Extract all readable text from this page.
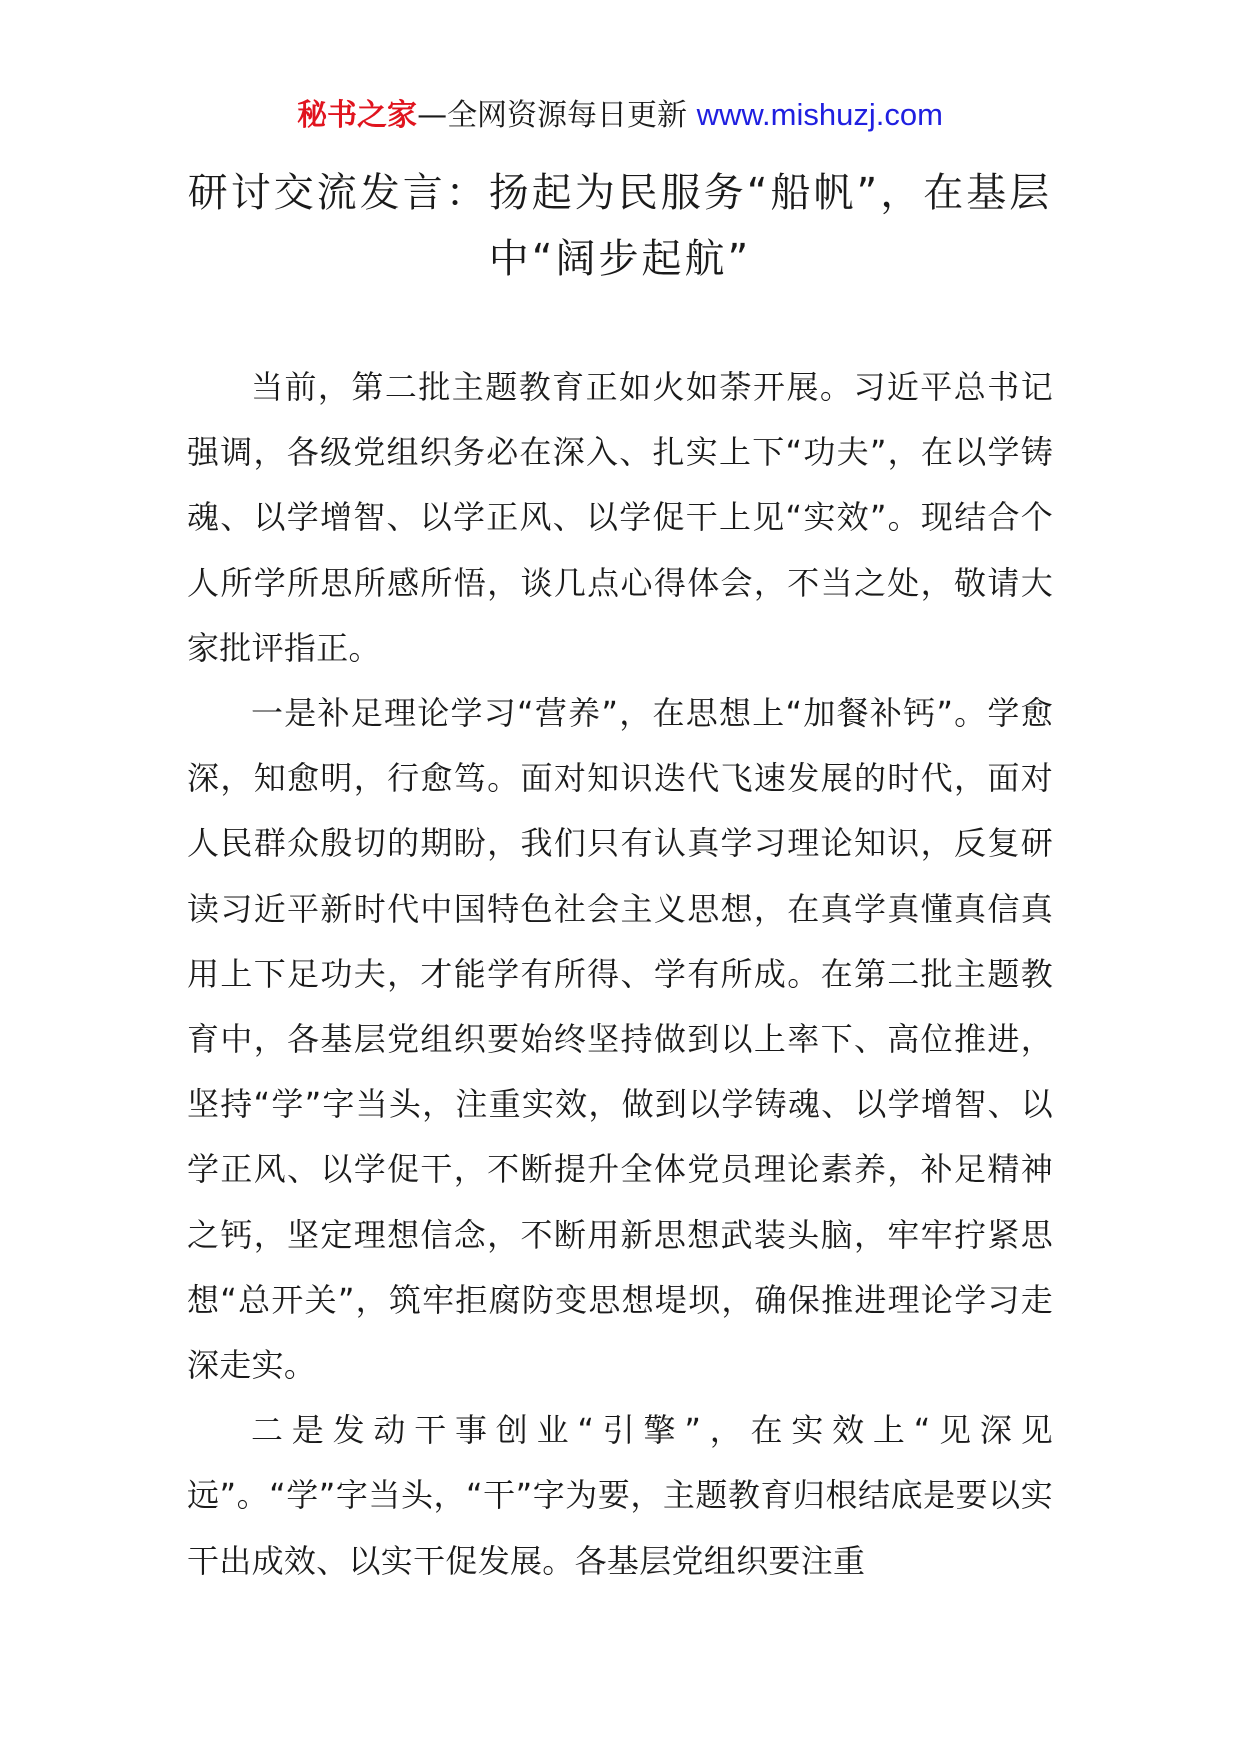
秘书之家—全网资源每日更新 www.mishuzj.com
研讨交流发言：扬起为民服务“船帆”，在基层中“阔步起航”

当前，第二批主题教育正如火如荼开展。习近平总书记强调，各级党组织务必在深入、扎实上下“功夫”，在以学铸魂、以学增智、以学正风、以学促干上见“实效”。现结合个人所学所思所感所悟，谈几点心得体会，不当之处，敬请大家批评指正。

一是补足理论学习“营养”，在思想上“加餐补钙”。学愈深，知愈明，行愈笃。面对知识迭代飞速发展的时代，面对人民群众殷切的期盼，我们只有认真学习理论知识，反复研读习近平新时代中国特色社会主义思想，在真学真懂真信真用上下足功夫，才能学有所得、学有所成。在第二批主题教育中，各基层党组织要始终坚持做到以上率下、高位推进，坚持“学”字当头，注重实效，做到以学铸魂、以学增智、以学正风、以学促干，不断提升全体党员理论素养，补足精神之钙，坚定理想信念，不断用新思想武装头脑，牢牢拧紧思想“总开关”，筑牢拒腐防变思想堤坝，确保推进理论学习走深走实。

二是发动干事创业“引擎”，在实效上“见深见远”。“学”字当头，“干”字为要，主题教育归根结底是要以实干出成效、以实干促发展。各基层党组织要注重
